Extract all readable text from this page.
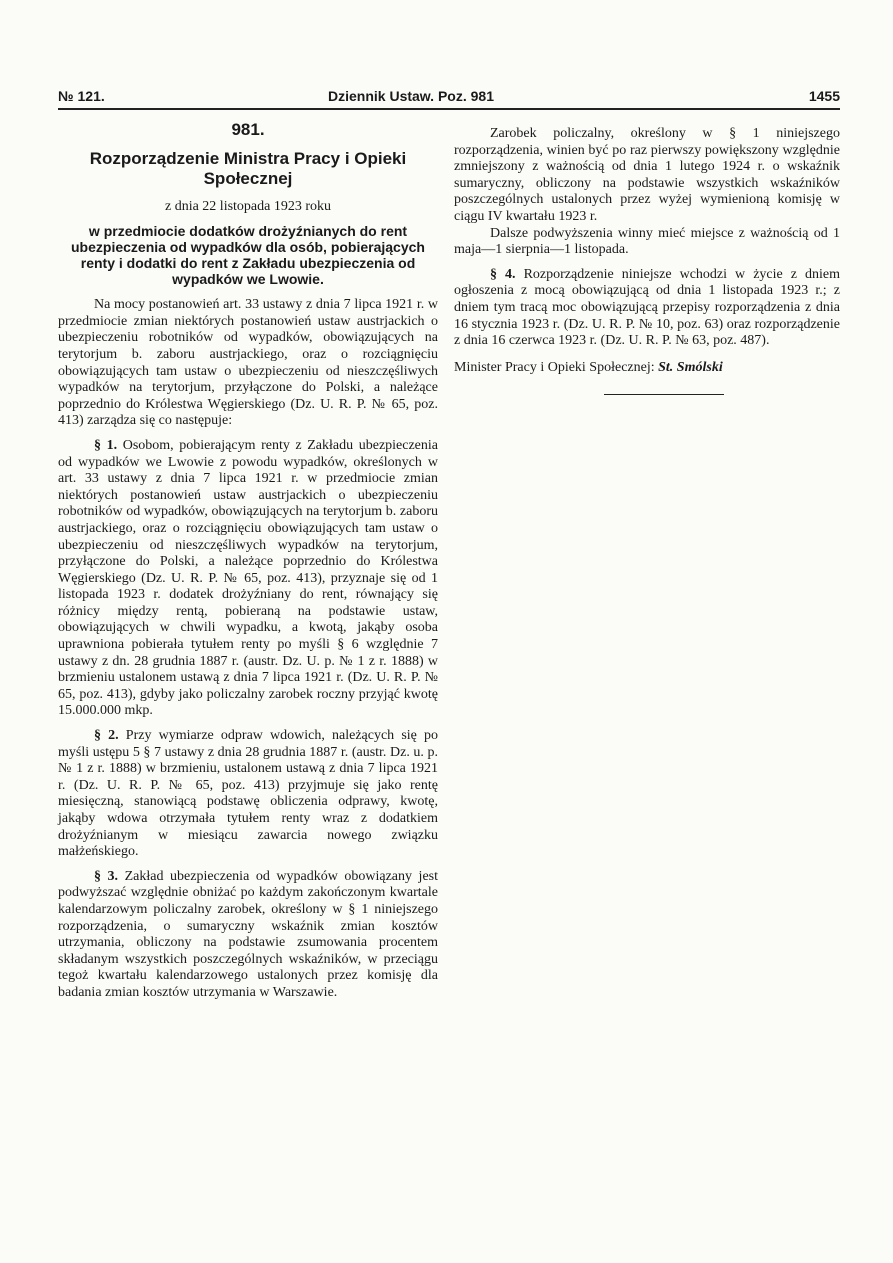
№ 121.	Dziennik Ustaw. Poz. 981	1455
981.
Rozporządzenie Ministra Pracy i Opieki Społecznej
z dnia 22 listopada 1923 roku
w przedmiocie dodatków drożyźnianych do rent ubezpieczenia od wypadków dla osób, pobierających renty i dodatki do rent z Zakładu ubezpieczenia od wypadków we Lwowie.

Na mocy postanowień art. 33 ustawy z dnia 7 lipca 1921 r. w przedmiocie zmian niektórych postanowień ustaw austrjackich o ubezpieczeniu robotników od wypadków, obowiązujących na terytorjum b. zaboru austrjackiego, oraz o rozciągnięciu obowiązujących tam ustaw o ubezpieczeniu od nieszczęśliwych wypadków na terytorjum, przyłączone do Polski, a należące poprzednio do Królestwa Węgierskiego (Dz. U. R. P. № 65, poz. 413) zarządza się co następuje:

§ 1. Osobom, pobierającym renty z Zakładu ubezpieczenia od wypadków we Lwowie z powodu wypadków, określonych w art. 33 ustawy z dnia 7 lipca 1921 r. w przedmiocie zmian niektórych postanowień ustaw austrjackich o ubezpieczeniu robotników od wypadków, obowiązujących na terytorjum b. zaboru austrjackiego, oraz o rozciągnięciu obowiązujących tam ustaw o ubezpieczeniu od nieszczęśliwych wypadków na terytorjum, przyłączone do Polski, a należące poprzednio do Królestwa Węgierskiego (Dz. U. R. P. № 65, poz. 413), przyznaje się od 1 listopada 1923 r. dodatek drożyźniany do rent, równający się różnicy między rentą, pobieraną na podstawie ustaw, obowiązujących w chwili wypadku, a kwotą, jakąby osoba uprawniona pobierała tytułem renty po myśli § 6 względnie 7 ustawy z dn. 28 grudnia 1887 r. (austr. Dz. U. p. № 1 z r. 1888) w brzmieniu ustalonem ustawą z dnia 7 lipca 1921 r. (Dz. U. R. P. № 65, poz. 413), gdyby jako policzalny zarobek roczny przyjąć kwotę 15.000.000 mkp.

§ 2. Przy wymiarze odpraw wdowich, należących się po myśli ustępu 5 § 7 ustawy z dnia 28 grudnia 1887 r. (austr. Dz. u. p. № 1 z r. 1888) w brzmieniu, ustalonem ustawą z dnia 7 lipca 1921 r. (Dz. U. R. P. № 65, poz. 413) przyjmuje się jako rentę miesięczną, stanowiącą podstawę obliczenia odprawy, kwotę, jakąby wdowa otrzymała tytułem renty wraz z dodatkiem drożyźnianym w miesiącu zawarcia nowego związku małżeńskiego.

§ 3. Zakład ubezpieczenia od wypadków obowiązany jest podwyższać względnie obniżać po każdym zakończonym kwartale kalendarzowym policzalny zarobek, określony w § 1 niniejszego rozporządzenia, o sumaryczny wskaźnik zmian kosztów utrzymania, obliczony na podstawie zsumowania procentem składanym wszystkich poszczególnych wskaźników, w przeciągu tegoż kwartału kalendarzowego ustalonych przez komisję dla badania zmian kosztów utrzymania w Warszawie.

Zarobek policzalny, określony w § 1 niniejszego rozporządzenia, winien być po raz pierwszy powiększony względnie zmniejszony z ważnością od dnia 1 lutego 1924 r. o wskaźnik sumaryczny, obliczony na podstawie wszystkich wskaźników poszczególnych ustalonych przez wyżej wymienioną komisję w ciągu IV kwartału 1923 r.

Dalsze podwyższenia winny mieć miejsce z ważnością od 1 maja—1 sierpnia—1 listopada.

§ 4. Rozporządzenie niniejsze wchodzi w życie z dniem ogłoszenia z mocą obowiązującą od dnia 1 listopada 1923 r.; z dniem tym tracą moc obowiązującą przepisy rozporządzenia z dnia 16 stycznia 1923 r. (Dz. U. R. P. № 10, poz. 63) oraz rozporządzenie z dnia 16 czerwca 1923 r. (Dz. U. R. P. № 63, poz. 487).

Minister Pracy i Opieki Społecznej: St. Smólski
